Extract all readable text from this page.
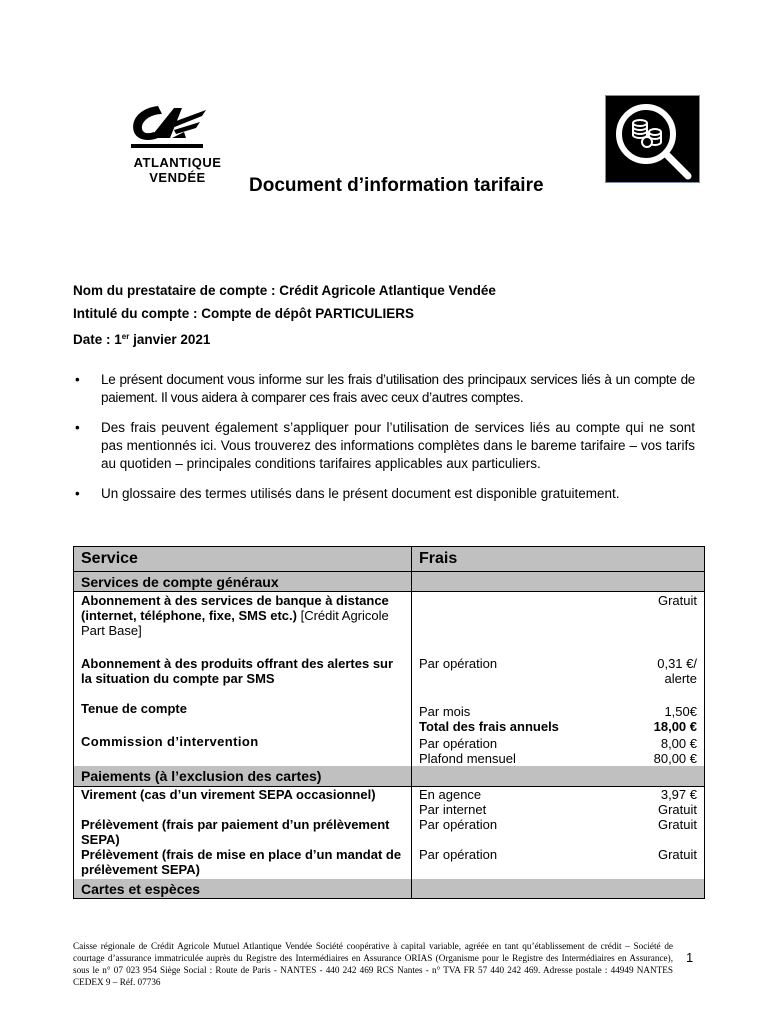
ATLANTIQUE
VENDÉE	Document d’information tarifaire
Nom du prestataire de compte : Crédit Agricole Atlantique Vendée
Intitulé du compte : Compte de dépôt PARTICULIERS
Date : 1er janvier 2021
• Le présent document vous informe sur les frais d’utilisation des principaux services liés à un compte de paiement. Il vous aidera à comparer ces frais avec ceux d’autres comptes.
• Des frais peuvent également s’appliquer pour l’utilisation de services liés au compte qui ne sont pas mentionnés ici. Vous trouverez des informations complètes dans le bareme tarifaire – vos tarifs au quotiden – principales conditions tarifaires applicables aux particuliers.
• Un glossaire des termes utilisés dans le présent document est disponible gratuitement.
Service	Frais
Services de compte généraux	
Abonnement à des services de banque à distance (internet, téléphone, fixe, SMS etc.) [Crédit Agricole Part Base]	Gratuit

Abonnement à des produits offrant des alertes sur la situation du compte par SMS	Par opération 0,31 €/
alerte

Tenue de compte	Par mois 1,50€
Total des frais annuels 18,00 €

Commission d’intervention	Par opération 8,00 €
Plafond mensuel 80,00 €

Paiements (à l’exclusion des cartes)	
Virement (cas d’un virement SEPA occasionnel)	En agence 3,97 €
Par internet Gratuit

Prélèvement (frais par paiement d’un prélèvement SEPA)	Par opération Gratuit

Prélèvement (frais de mise en place d’un mandat de prélèvement SEPA)	Par opération Gratuit

Cartes et espèces	
Caisse régionale de Crédit Agricole Mutuel Atlantique Vendée Société coopérative à capital variable, agréée en tant qu’établissement de crédit – Société de courtage d’assurance immatriculée auprès du Registre des Intermédiaires en Assurance ORIAS (Organisme pour le Registre des Intermédiaires en Assurance), sous le n° 07 023 954 Siège Social : Route de Paris - NANTES - 440 242 469 RCS Nantes - n° TVA FR 57 440 242 469. Adresse postale : 44949 NANTES CEDEX 9 – Réf. 07736
1
